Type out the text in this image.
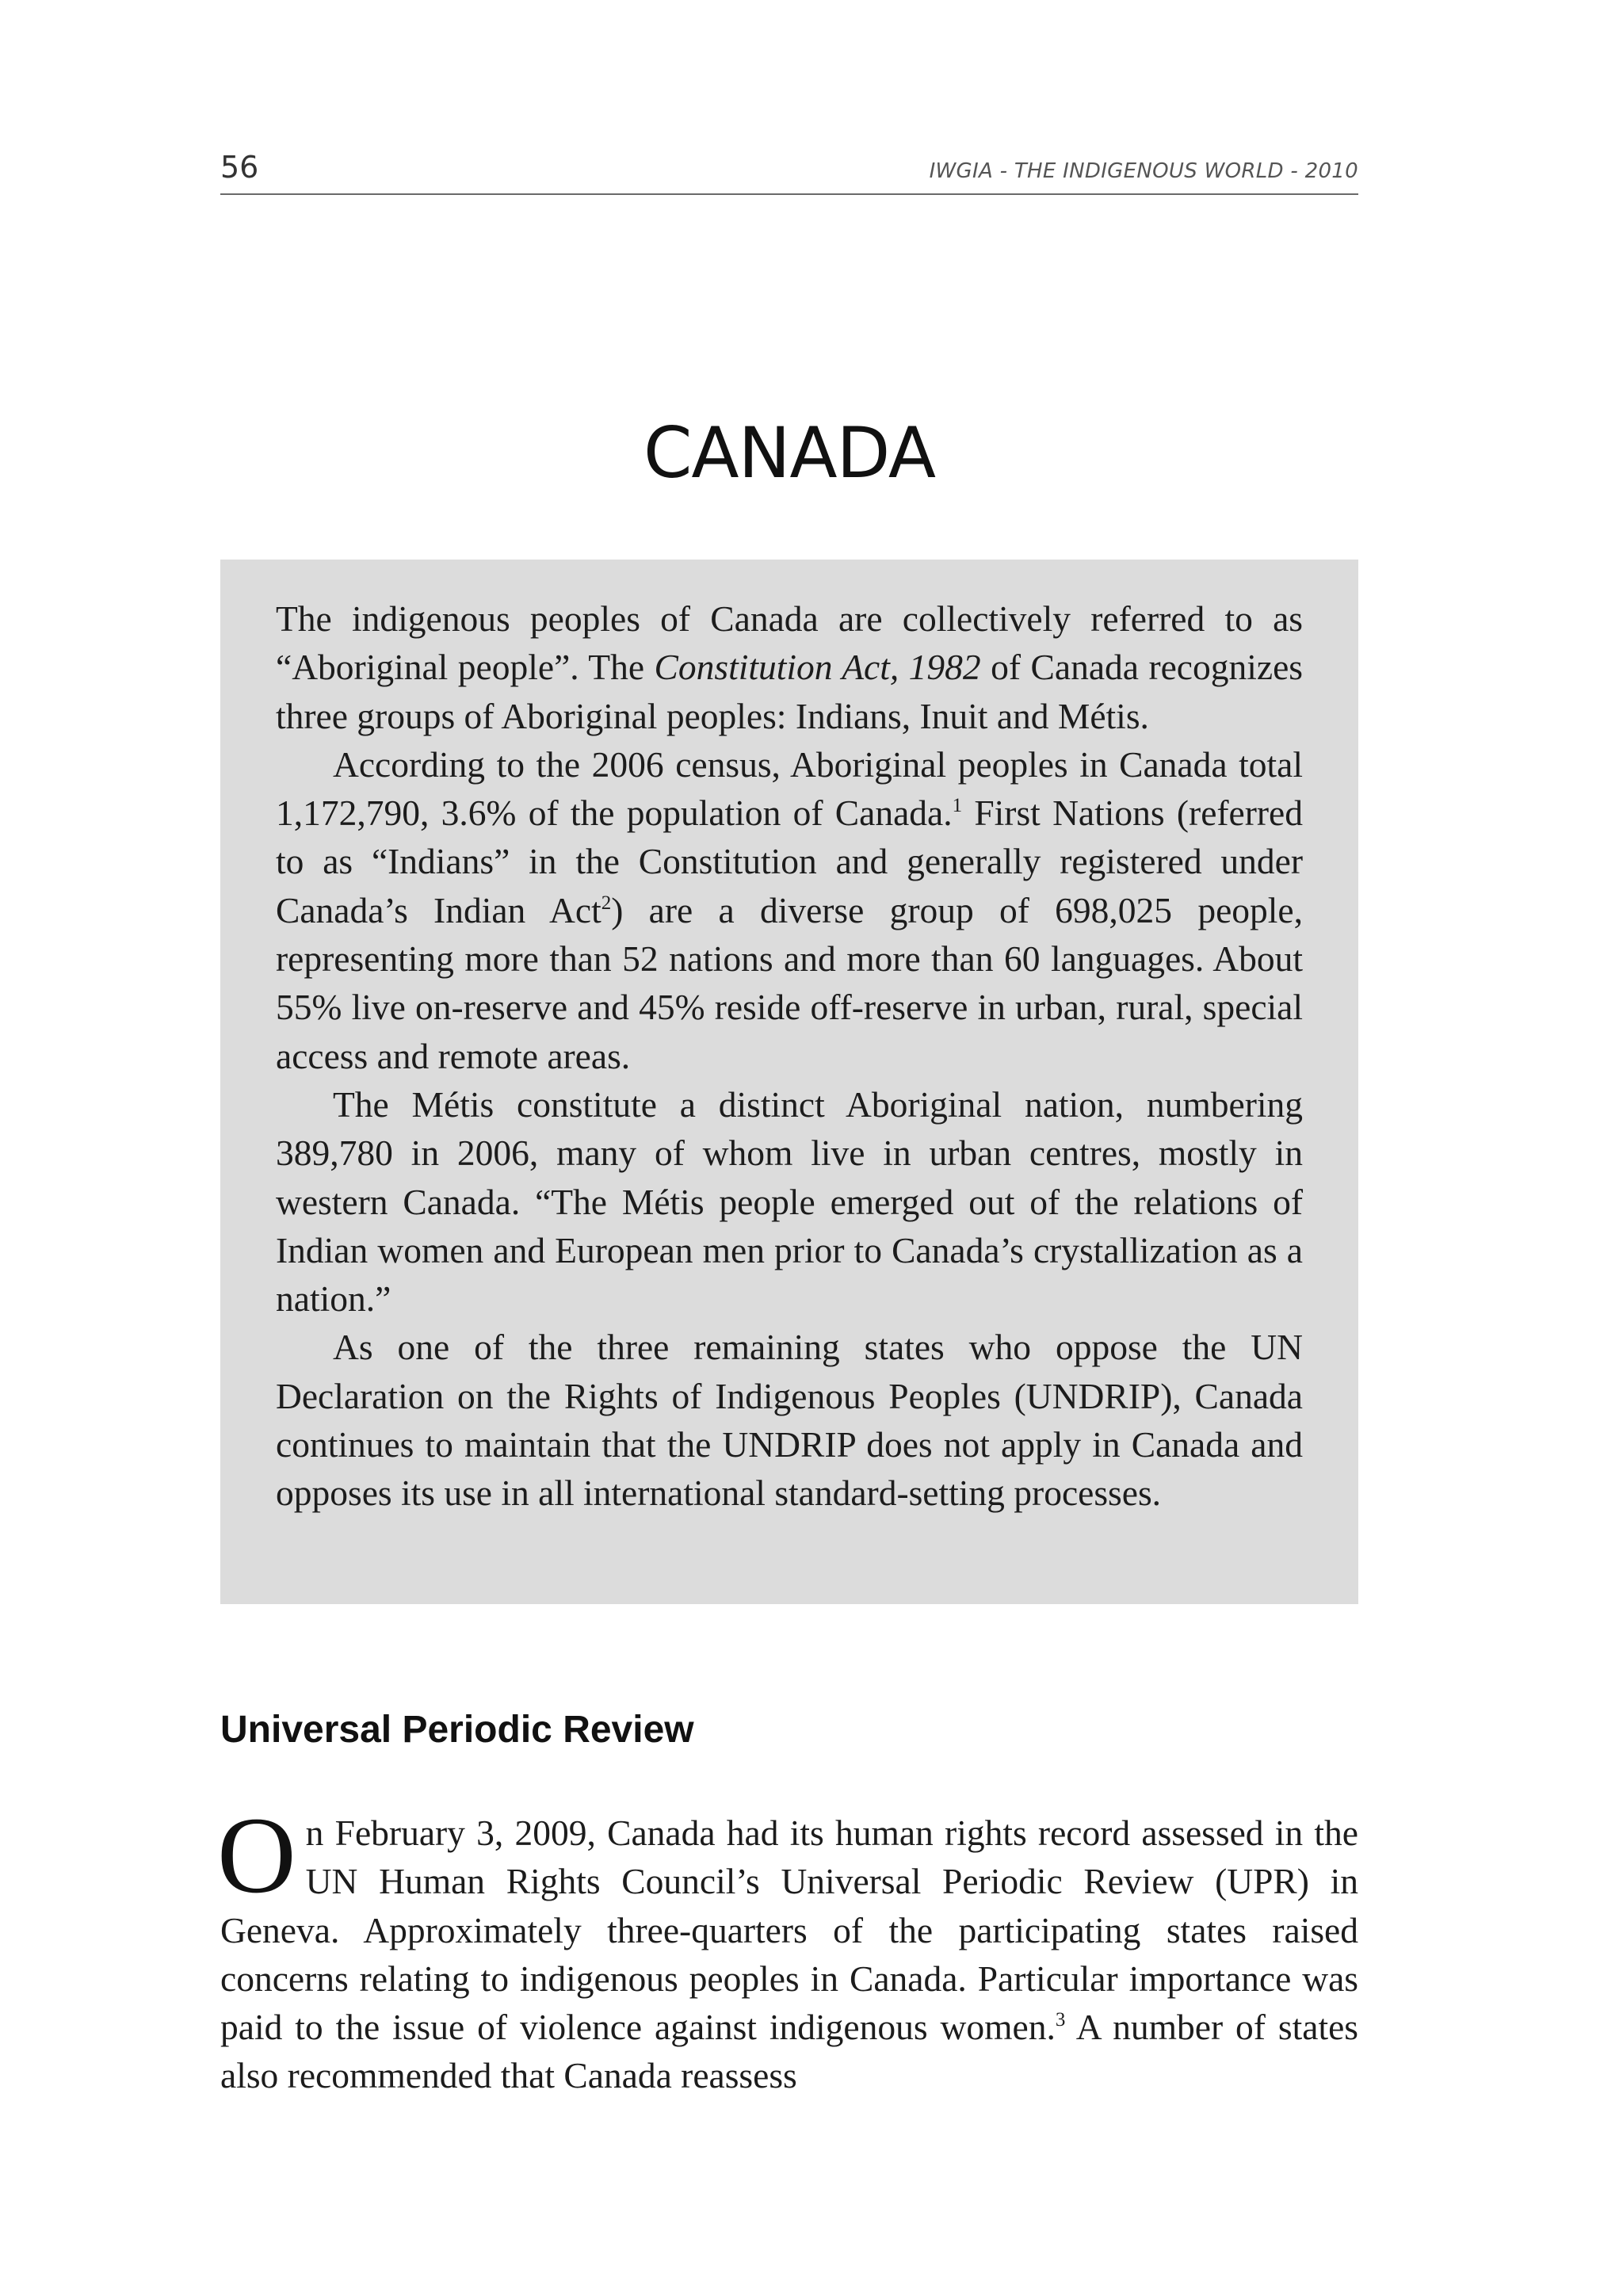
56	IWGIA - THE INDIGENOUS WORLD - 2010
CANADA

The indigenous peoples of Canada are collectively referred to as “Aboriginal people”. The Constitution Act, 1982 of Canada recognizes three groups of Aboriginal peoples: Indians, Inuit and Métis.

According to the 2006 census, Aboriginal peoples in Canada total 1,172,790, 3.6% of the population of Canada.$^1$ First Nations (referred to as “Indians” in the Constitution and generally registered under Canada’s Indian Act$^2$) are a diverse group of 698,025 people, representing more than 52 nations and more than 60 languages. About 55% live on-reserve and 45% reside off-reserve in urban, rural, special access and remote areas.

The Métis constitute a distinct Aboriginal nation, numbering 389,780 in 2006, many of whom live in urban centres, mostly in western Canada. “The Métis people emerged out of the relations of Indian women and European men prior to Canada’s crystallization as a nation.”

As one of the three remaining states who oppose the UN Declaration on the Rights of Indigenous Peoples (UNDRIP), Canada continues to maintain that the UNDRIP does not apply in Canada and opposes its use in all international standard-setting processes.

Universal Periodic Review

On February 3, 2009, Canada had its human rights record assessed in the UN Human Rights Council’s Universal Periodic Review (UPR) in Geneva. Approximately three-quarters of the participating states raised concerns relating to indigenous peoples in Canada. Particular importance was paid to the issue of violence against indigenous women.$^3$ A number of states also recommended that Canada reassess
